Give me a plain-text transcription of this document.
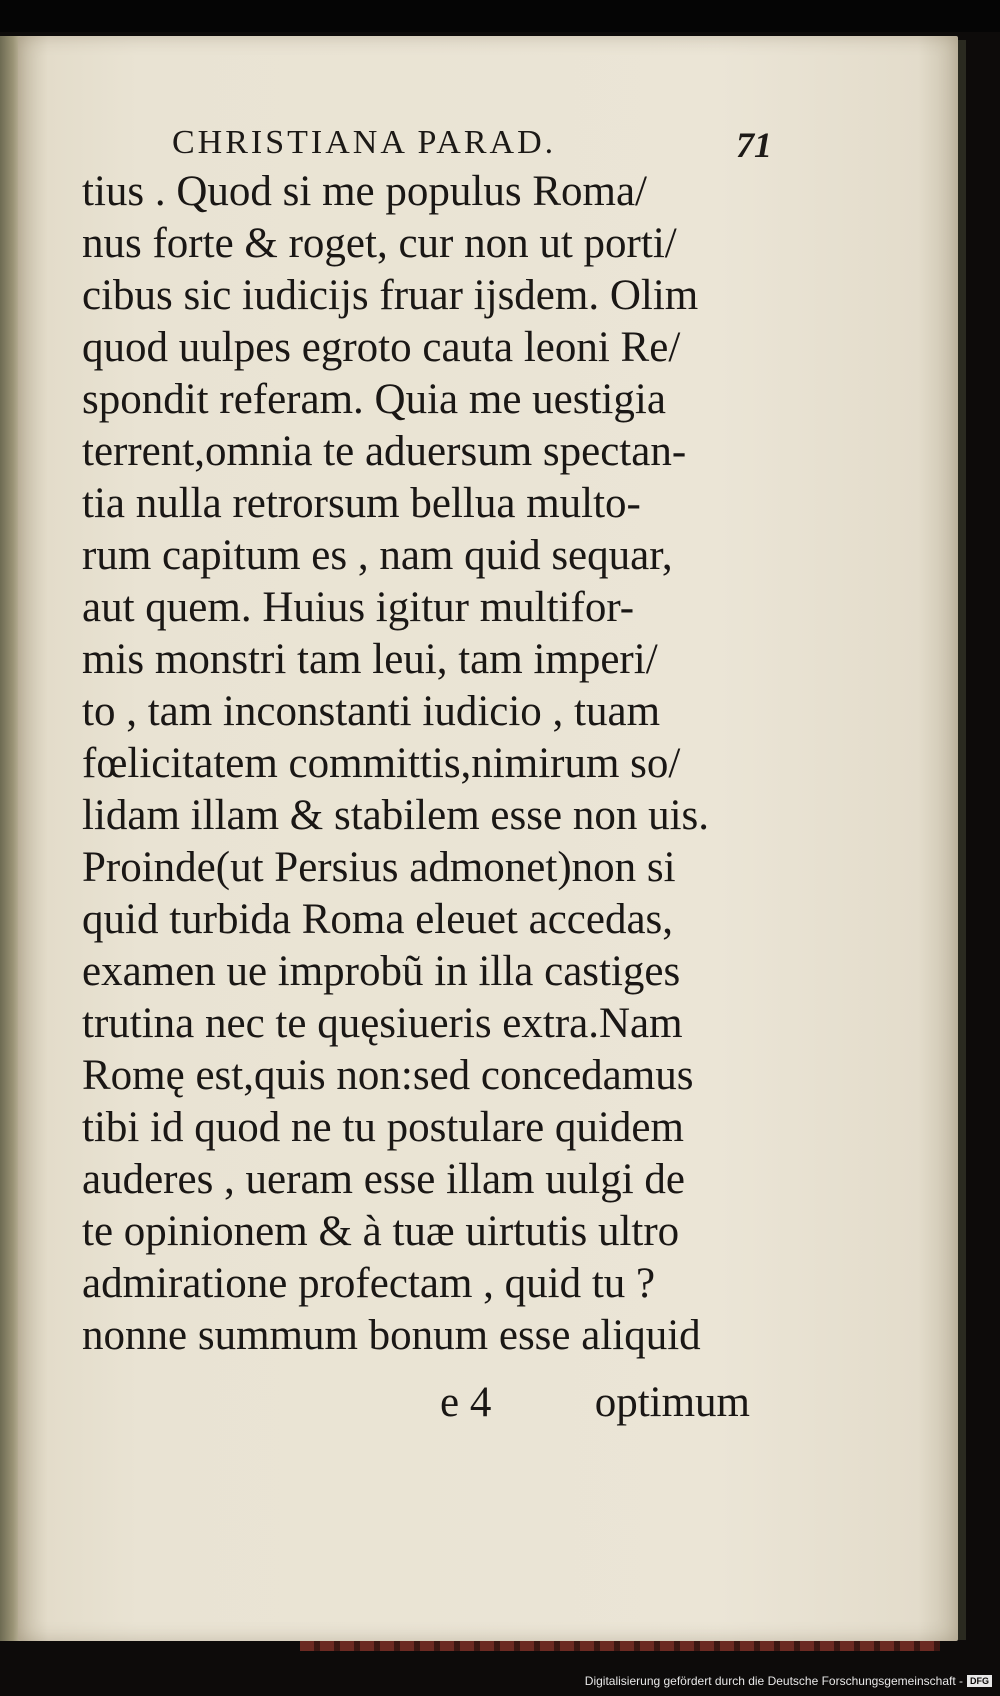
CHRISTIANA PARAD.	71
tius . Quod si me populus Roma/
nus forte & roget, cur non ut porti/
cibus sic iudicijs fruar ijsdem. Olim
quod uulpes egroto cauta leoni Re/
spondit referam. Quia me uestigia
terrent,omnia te aduersum spectan-
tia nulla retrorsum bellua multo-
rum capitum es , nam quid sequar,
aut quem. Huius igitur multifor-
mis monstri tam leui, tam imperi/
to , tam inconstanti iudicio , tuam
fœlicitatem committis,nimirum so/
lidam illam & stabilem esse non uis.
Proinde(ut Persius admonet)non si
quid turbida Roma eleuet accedas,
examen ue improbũ in illa castiges
trutina nec te quęsiueris extra.Nam
Romę est,quis non:sed concedamus
tibi id quod ne tu postulare quidem
auderes , ueram esse illam uulgi de
te opinionem & à tuæ uirtutis ultro
admiratione profectam , quid tu ?
nonne summum bonum esse aliquid
e 4 optimum
Digitalisierung gefördert durch die Deutsche Forschungsgemeinschaft - DFG
